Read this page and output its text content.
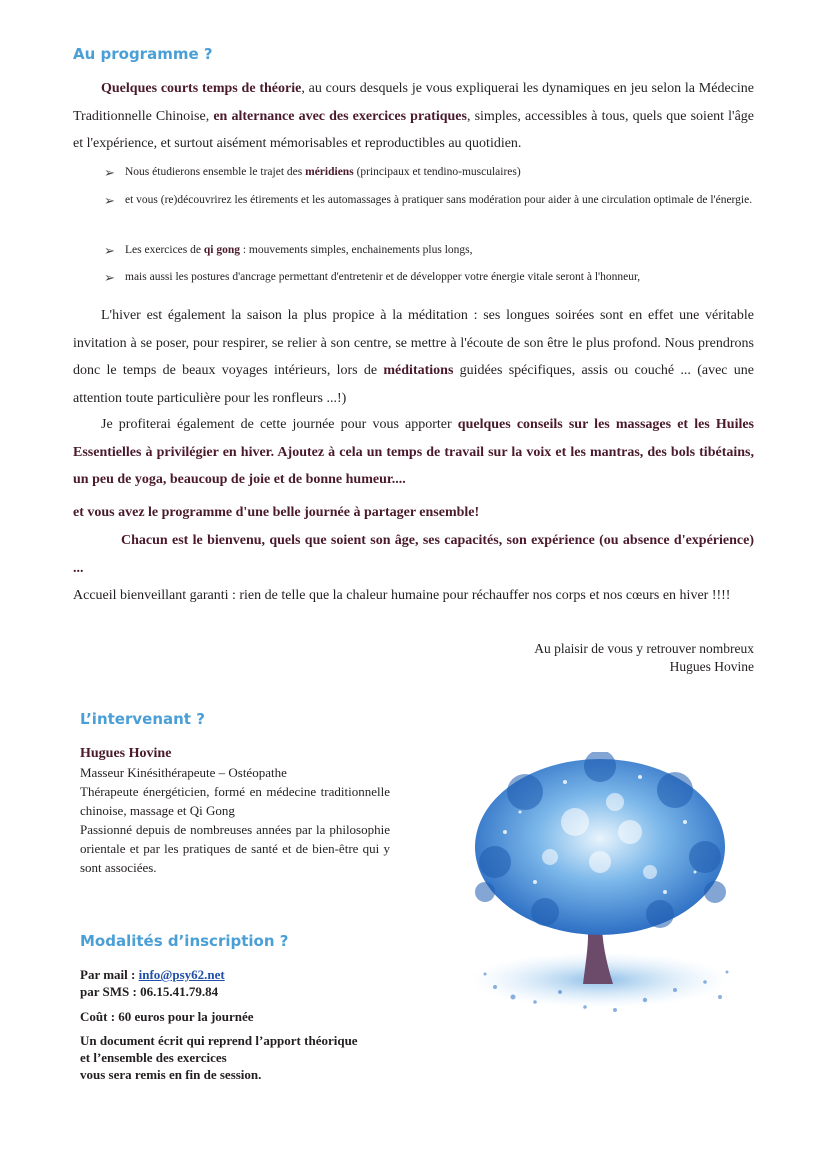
Au programme ?

Quelques courts temps de théorie, au cours desquels je vous expliquerai les dynamiques en jeu selon la Médecine Traditionnelle Chinoise, en alternance avec des exercices pratiques, simples, accessibles à tous, quels que soient l'âge et l'expérience, et surtout aisément mémorisables et reproductibles au quotidien.

➢ Nous étudierons ensemble le trajet des méridiens (principaux et tendino-musculaires)
➢ et vous (re)découvrirez les étirements et les automassages à pratiquer sans modération pour aider à une circulation optimale de l'énergie.
➢ Les exercices de qi gong : mouvements simples, enchainements plus longs,
➢ mais aussi les postures d'ancrage permettant d'entretenir et de développer votre énergie vitale seront à l'honneur,

L'hiver est également la saison la plus propice à la méditation : ses longues soirées sont en effet une véritable invitation à se poser, pour respirer, se relier à son centre, se mettre à l'écoute de son être le plus profond. Nous prendrons donc le temps de beaux voyages intérieurs, lors de méditations guidées spécifiques, assis ou couché ... (avec une attention toute particulière pour les ronfleurs ...!)

Je profiterai également de cette journée pour vous apporter quelques conseils sur les massages et les Huiles Essentielles à privilégier en hiver. Ajoutez à cela un temps de travail sur la voix et les mantras, des bols tibétains, un peu de yoga, beaucoup de joie et de bonne humeur....

et vous avez le programme d'une belle journée à partager ensemble!

Chacun est le bienvenu, quels que soient son âge, ses capacités, son expérience (ou absence d'expérience) ...

Accueil bienveillant garanti : rien de telle que la chaleur humaine pour réchauffer nos corps et nos cœurs en hiver !!!!

Au plaisir de vous y retrouver nombreux
Hugues Hovine
L’intervenant ?
Hugues Hovine
Masseur Kinésithérapeute – Ostéopathe
Thérapeute énergéticien, formé en médecine traditionnelle chinoise, massage et Qi Gong
Passionné depuis de nombreuses années par la philosophie orientale et par les pratiques de santé et de bien-être qui y sont associées.
Modalités d’inscription ?
Par mail : info@psy62.net
par SMS : 06.15.41.79.84
Coût : 60 euros pour la journée
Un document écrit qui reprend l’apport théorique
et l’ensemble des exercices
vous sera remis en fin de session.
